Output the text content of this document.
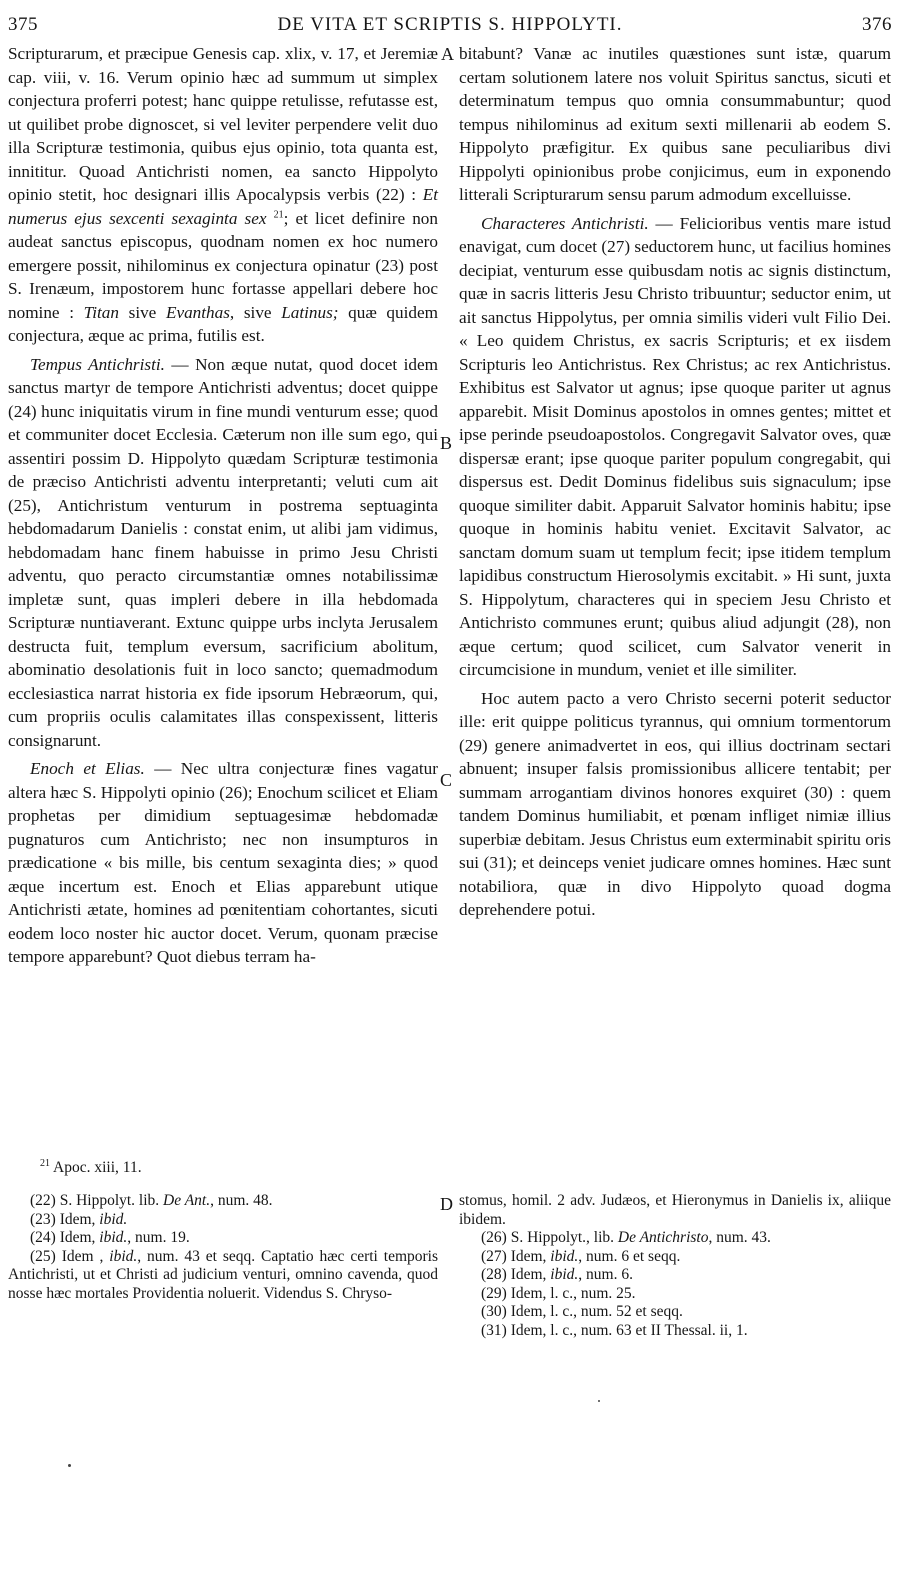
375	DE VITA ET SCRIPTIS S. HIPPOLYTI.	376

Scripturarum, et præcipue Genesis cap. xlix, v. 17, et Jeremiæ cap. viii, v. 16. Verum opinio hæc ad summum ut simplex conjectura proferri potest; hanc quippe retulisse, refutasse est, ut quilibet probe dignoscet, si vel leviter perpendere velit duo illa Scripturæ testimonia, quibus ejus opinio, tota quanta est, innititur. Quoad Antichristi nomen, ea sancto Hippolyto opinio stetit, hoc designari illis Apocalypsis verbis (22) : Et numerus ejus sexcenti sexaginta sex $^{21}$; et licet definire non audeat sanctus episcopus, quodnam nomen ex hoc numero emergere possit, nihilominus ex conjectura opinatur (23) post S. Irenæum, impostorem hunc fortasse appellari debere hoc nomine : Titan sive Evanthas, sive Latinus; quæ quidem conjectura, æque ac prima, futilis est.

Tempus Antichristi. — Non æque nutat, quod docet idem sanctus martyr de tempore Antichristi adventus; docet quippe (24) hunc iniquitatis virum in fine mundi venturum esse; quod et communiter docet Ecclesia. Cæterum non ille sum ego, qui assentiri possim D. Hippolyto quædam Scripturæ testimonia de præciso Antichristi adventu interpretanti; veluti cum ait (25), Antichristum venturum in postrema septuaginta hebdomadarum Danielis : constat enim, ut alibi jam vidimus, hebdomadam hanc finem habuisse in primo Jesu Christi adventu, quo peracto circumstantiæ omnes notabilissimæ impletæ sunt, quas impleri debere in illa hebdomada Scripturæ nuntiaverant. Extunc quippe urbs inclyta Jerusalem destructa fuit, templum eversum, sacrificium abolitum, abominatio desolationis fuit in loco sancto; quemadmodum ecclesiastica narrat historia ex fide ipsorum Hebræorum, qui, cum propriis oculis calamitates illas conspexissent, litteris consignarunt.

Enoch et Elias. — Nec ultra conjecturæ fines vagatur altera hæc S. Hippolyti opinio (26); Enochum scilicet et Eliam prophetas per dimidium septuagesimæ hebdomadæ pugnaturos cum Antichristo; nec non insumpturos in prædicatione « bis mille, bis centum sexaginta dies; » quod æque incertum est. Enoch et Elias apparebunt utique Antichristi ætate, homines ad pœnitentiam cohortantes, sicuti eodem loco noster hic auctor docet. Verum, quonam præcise tempore apparebunt? Quot diebus terram ha-

bitabunt? Vanæ ac inutiles quæstiones sunt istæ, quarum certam solutionem latere nos voluit Spiritus sanctus, sicuti et determinatum tempus quo omnia consummabuntur; quod tempus nihilominus ad exitum sexti millenarii ab eodem S. Hippolyto præfigitur. Ex quibus sane peculiaribus divi Hippolyti opinionibus probe conjicimus, eum in exponendo litterali Scripturarum sensu parum admodum excelluisse.

Characteres Antichristi. — Felicioribus ventis mare istud enavigat, cum docet (27) seductorem hunc, ut facilius homines decipiat, venturum esse quibusdam notis ac signis distinctum, quæ in sacris litteris Jesu Christo tribuuntur; seductor enim, ut ait sanctus Hippolytus, per omnia similis videri vult Filio Dei. « Leo quidem Christus, ex sacris Scripturis; et ex iisdem Scripturis leo Antichristus. Rex Christus; ac rex Antichristus. Exhibitus est Salvator ut agnus; ipse quoque pariter ut agnus apparebit. Misit Dominus apostolos in omnes gentes; mittet et ipse perinde pseudoapostolos. Congregavit Salvator oves, quæ dispersæ erant; ipse quoque pariter populum congregabit, qui dispersus est. Dedit Dominus fidelibus suis signaculum; ipse quoque similiter dabit. Apparuit Salvator hominis habitu; ipse quoque in hominis habitu veniet. Excitavit Salvator, ac sanctam domum suam ut templum fecit; ipse itidem templum lapidibus constructum Hierosolymis excitabit. » Hi sunt, juxta S. Hippolytum, characteres qui in speciem Jesu Christo et Antichristo communes erunt; quibus aliud adjungit (28), non æque certum; quod scilicet, cum Salvator venerit in circumcisione in mundum, veniet et ille similiter.

Hoc autem pacto a vero Christo secerni poterit seductor ille: erit quippe politicus tyrannus, qui omnium tormentorum (29) genere animadvertet in eos, qui illius doctrinam sectari abnuent; insuper falsis promissionibus allicere tentabit; per summam arrogantiam divinos honores exquiret (30) : quem tandem Dominus humiliabit, et pœnam infliget nimiæ illius superbiæ debitam. Jesus Christus eum exterminabit spiritu oris sui (31); et deinceps veniet judicare omnes homines. Hæc sunt notabiliora, quæ in divo Hippolyto quoad dogma deprehendere potui.

A
B
C
D
$^{21}$ Apoc. xiii, 11.

(22) S. Hippolyt. lib. De Ant., num. 48.

(23) Idem, ibid.

(24) Idem, ibid., num. 19.

(25) Idem , ibid., num. 43 et seqq. Captatio hæc certi temporis Antichristi, ut et Christi ad judicium venturi, omnino cavenda, quod nosse hæc mortales Providentia noluerit. Videndus S. Chryso-

stomus, homil. 2 adv. Judæos, et Hieronymus in Danielis ix, aliique ibidem.

(26) S. Hippolyt., lib. De Antichristo, num. 43.

(27) Idem, ibid., num. 6 et seqq.

(28) Idem, ibid., num. 6.

(29) Idem, l. c., num. 25.

(30) Idem, l. c., num. 52 et seqq.

(31) Idem, l. c., num. 63 et II Thessal. ii, 1.
